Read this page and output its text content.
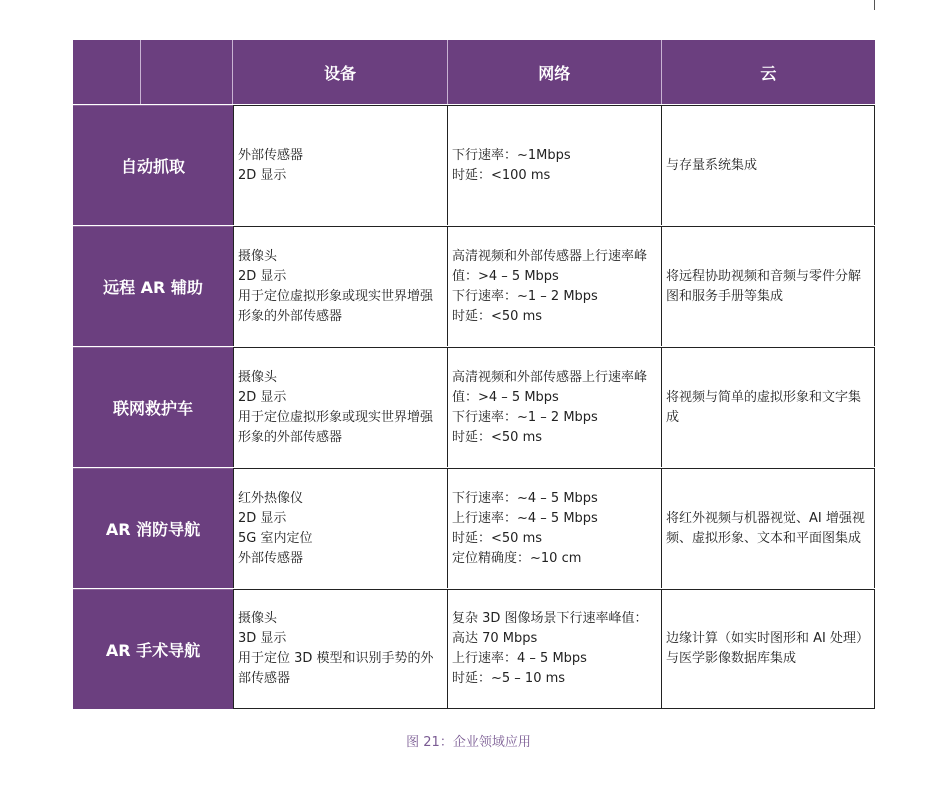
设备	网络	云
自动抓取
外部传感器
2D 显示
下行速率：~1Mbps
时延：<100 ms
与存量系统集成
远程 AR 辅助
摄像头
2D 显示
用于定位虚拟形象或现实世界增强
形象的外部传感器
高清视频和外部传感器上行速率峰
值：>4 – 5 Mbps
下行速率：~1 – 2 Mbps
时延：<50 ms
将远程协助视频和音频与零件分解
图和服务手册等集成
联网救护车
摄像头
2D 显示
用于定位虚拟形象或现实世界增强
形象的外部传感器
高清视频和外部传感器上行速率峰
值：>4 – 5 Mbps
下行速率：~1 – 2 Mbps
时延：<50 ms
将视频与简单的虚拟形象和文字集
成
AR 消防导航
红外热像仪
2D 显示
5G 室内定位
外部传感器
下行速率：~4 – 5 Mbps
上行速率：~4 – 5 Mbps
时延：<50 ms
定位精确度：~10 cm
将红外视频与机器视觉、AI 增强视
频、虚拟形象、文本和平面图集成
AR 手术导航
摄像头
3D 显示
用于定位 3D 模型和识别手势的外
部传感器
复杂 3D 图像场景下行速率峰值：
高达 70 Mbps
上行速率：4 – 5 Mbps
时延：~5 – 10 ms
边缘计算（如实时图形和 AI 处理）
与医学影像数据库集成
图 21：企业领域应用
